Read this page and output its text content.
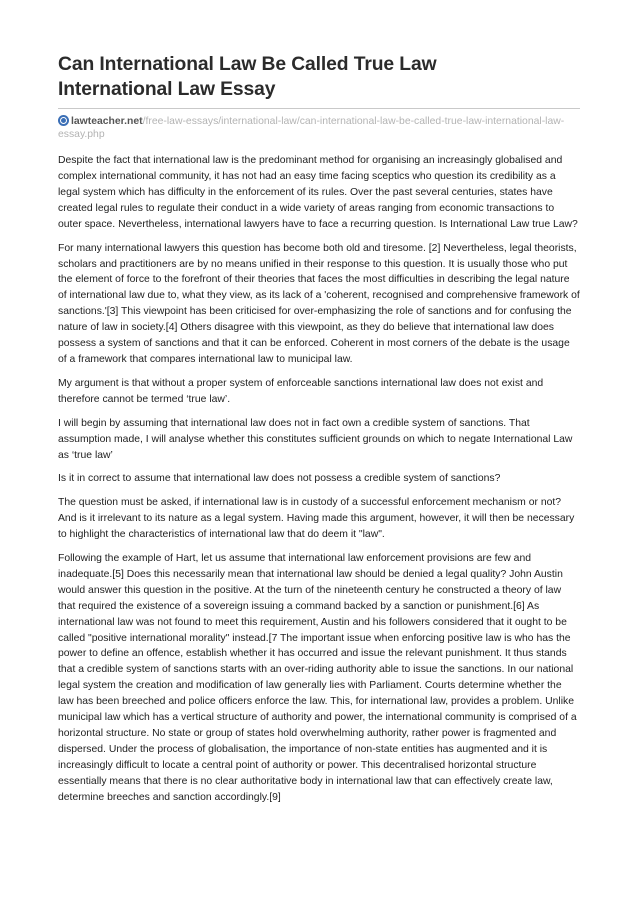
Can International Law Be Called True Law
International Law Essay
lawteacher.net/free-law-essays/international-law/can-international-law-be-called-true-law-international-law-essay.php

Despite the fact that international law is the predominant method for organising an increasingly globalised and complex international community, it has not had an easy time facing sceptics who question its credibility as a legal system which has difficulty in the enforcement of its rules. Over the past several centuries, states have created legal rules to regulate their conduct in a wide variety of areas ranging from economic transactions to outer space. Nevertheless, international lawyers have to face a recurring question. Is International Law true Law?

For many international lawyers this question has become both old and tiresome. [2] Nevertheless, legal theorists, scholars and practitioners are by no means unified in their response to this question. It is usually those who put the element of force to the forefront of their theories that faces the most difficulties in describing the legal nature of international law due to, what they view, as its lack of a 'coherent, recognised and comprehensive framework of sanctions.'[3] This viewpoint has been criticised for over-emphasizing the role of sanctions and for confusing the nature of law in society.[4] Others disagree with this viewpoint, as they do believe that international law does possess a system of sanctions and that it can be enforced. Coherent in most corners of the debate is the usage of a framework that compares international law to municipal law.

My argument is that without a proper system of enforceable sanctions international law does not exist and therefore cannot be termed ‘true law’.

I will begin by assuming that international law does not in fact own a credible system of sanctions. That assumption made, I will analyse whether this constitutes sufficient grounds on which to negate International Law as ‘true law’

Is it in correct to assume that international law does not possess a credible system of sanctions?

The question must be asked, if international law is in custody of a successful enforcement mechanism or not? And is it irrelevant to its nature as a legal system. Having made this argument, however, it will then be necessary to highlight the characteristics of international law that do deem it "law".

Following the example of Hart, let us assume that international law enforcement provisions are few and inadequate.[5] Does this necessarily mean that international law should be denied a legal quality? John Austin would answer this question in the positive. At the turn of the nineteenth century he constructed a theory of law that required the existence of a sovereign issuing a command backed by a sanction or punishment.[6] As international law was not found to meet this requirement, Austin and his followers considered that it ought to be called "positive international morality" instead.[7 The important issue when enforcing positive law is who has the power to define an offence, establish whether it has occurred and issue the relevant punishment. It thus stands that a credible system of sanctions starts with an over-riding authority able to issue the sanctions. In our national legal system the creation and modification of law generally lies with Parliament. Courts determine whether the law has been breeched and police officers enforce the law. This, for international law, provides a problem. Unlike municipal law which has a vertical structure of authority and power, the international community is comprised of a horizontal structure. No state or group of states hold overwhelming authority, rather power is fragmented and dispersed. Under the process of globalisation, the importance of non-state entities has augmented and it is increasingly difficult to locate a central point of authority or power. This decentralised horizontal structure essentially means that there is no clear authoritative body in international law that can effectively create law, determine breeches and sanction accordingly.[9]
